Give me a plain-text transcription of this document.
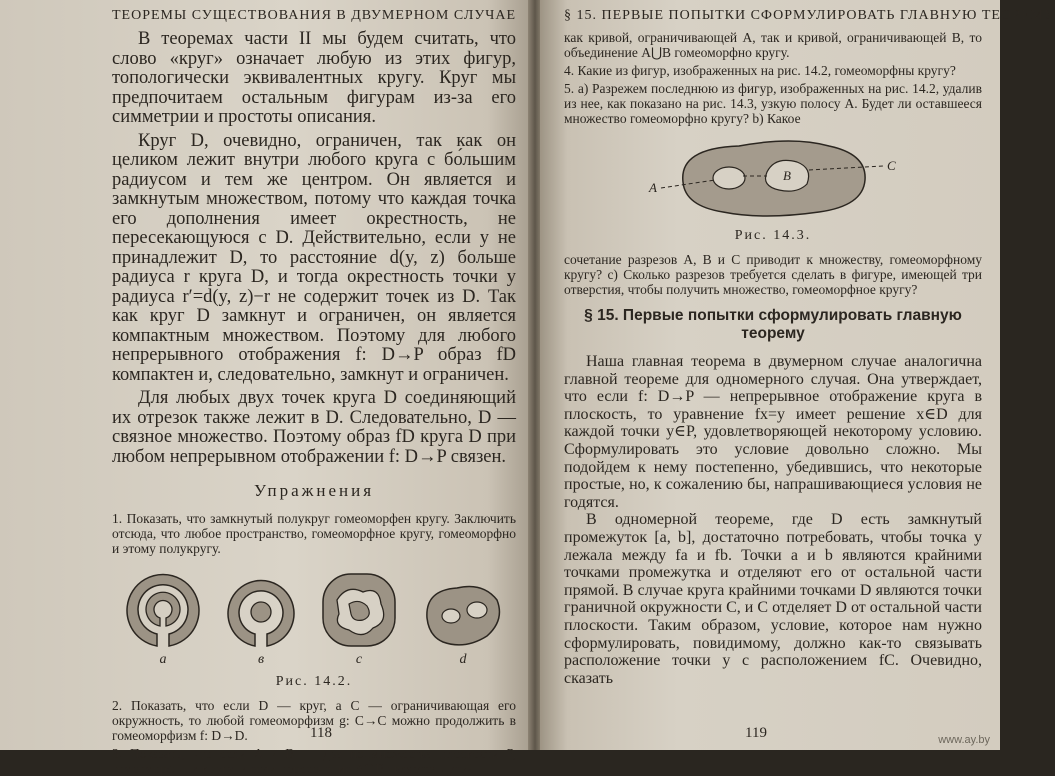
ТЕОРЕМЫ СУЩЕСТВОВАНИЯ В ДВУМЕРНОМ СЛУЧАЕ

В теоремах части II мы будем считать, что слово «круг» означает любую из этих фигур, топологически эквивалентных кругу. Круг мы предпочитаем остальным фигурам из-за его симметрии и простоты описания.

Круг D, очевидно, ограничен, так как он целиком лежит внутри любого круга с бо́льшим радиусом и тем же центром. Он является и замкнутым множеством, потому что каждая точка его дополнения имеет окрестность, не пересекающуюся с D. Действительно, если y не принадлежит D, то расстояние d(y, z) больше радиуса r круга D, и тогда окрестность точки y радиуса r′=d(y, z)−r не содержит точек из D. Так как круг D замкнут и ограничен, он является компактным множеством. Поэтому для любого непрерывного отображения f: D→P образ fD компактен и, следовательно, замкнут и ограничен.

Для любых двух точек круга D соединяющий их отрезок также лежит в D. Следовательно, D — связное множество. Поэтому образ fD круга D при любом непрерывном отображении f: D→P связен.

Упражнения

1. Показать, что замкнутый полукруг гомеоморфен кругу. Заключить отсюда, что любое пространство, гомеоморфное кругу, гомеоморфно и этому полукругу.

a	в	c	d
Рис. 14.2.

2. Показать, что если D — круг, а C — ограничивающая его окружность, то любой гомеоморфизм g: C→C можно продолжить в гомеоморфизм f: D→D.

3. Показать, что если A и B — два подмножества плоскости P, гомеоморфных кругу, и если пересечение A⋂B является дугой

118
§ 15. ПЕРВЫЕ ПОПЫТКИ СФОРМУЛИРОВАТЬ ГЛАВНУЮ ТЕОРЕМУ

как кривой, ограничивающей A, так и кривой, ограничивающей B, то объединение A⋃B гомеоморфно кругу.

4. Какие из фигур, изображенных на рис. 14.2, гомеоморфны кругу?

5. а) Разрежем последнюю из фигур, изображенных на рис. 14.2, удалив из нее, как показано на рис. 14.3, узкую полосу A. Будет ли оставшееся множество гомеоморфно кругу? b) Какое

A
B
C
Рис. 14.3.

сочетание разрезов A, B и C приводит к множеству, гомеоморфному кругу? с) Сколько разрезов требуется сделать в фигуре, имеющей три отверстия, чтобы получить множество, гомеоморфное кругу?

§ 15. Первые попытки сформулировать главную теорему

Наша главная теорема в двумерном случае аналогична главной теореме для одномерного случая. Она утверждает, что если f: D→P — непрерывное отображение круга в плоскость, то уравнение fx=y имеет решение x∈D для каждой точки y∈P, удовлетворяющей некоторому условию. Сформулировать это условие довольно сложно. Мы подойдем к нему постепенно, убедившись, что некоторые простые, но, к сожалению бы, напрашивающиеся условия не годятся.

В одномерной теореме, где D есть замкнутый промежуток [a, b], достаточно потребовать, чтобы точка y лежала между fa и fb. Точки a и b являются крайними точками промежутка и отделяют его от остальной части прямой. В случае круга крайними точками D являются точки граничной окружности C, и C отделяет D от остальной части плоскости. Таким образом, условие, которое нам нужно сформулировать, повидимому, должно как-то связывать расположение точки y с расположением fC. Очевидно, сказать

119	www.ay.by
